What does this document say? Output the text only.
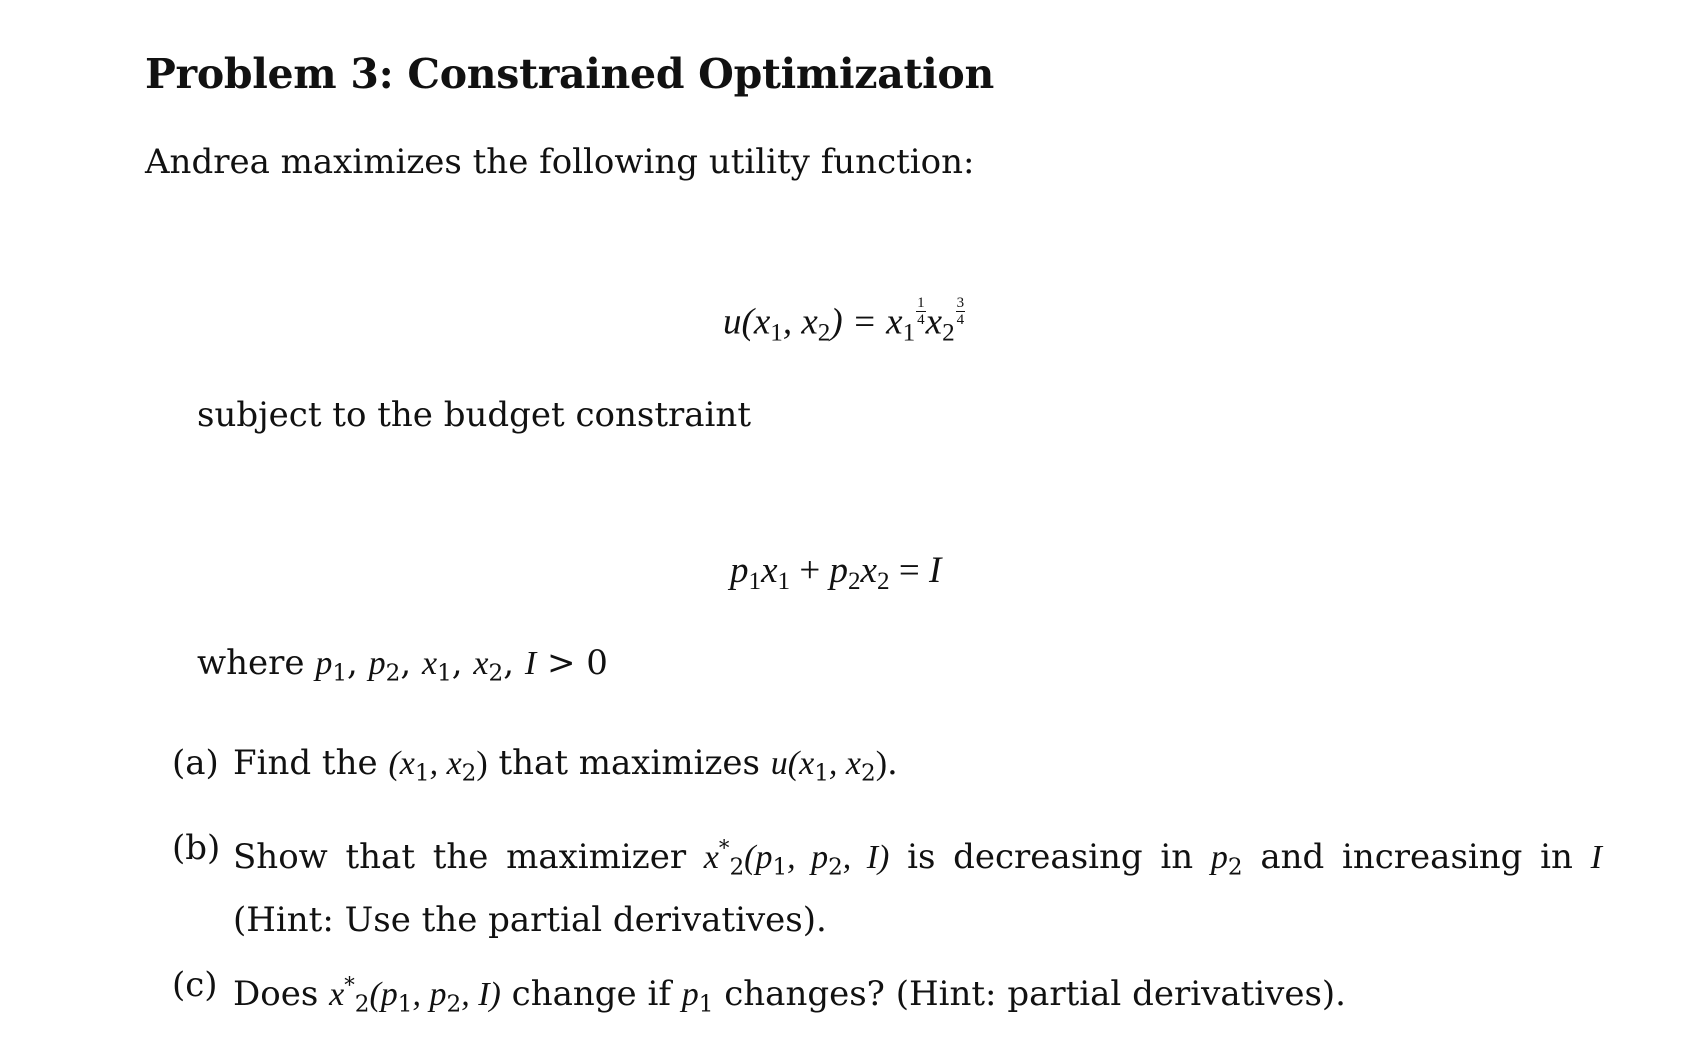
Problem 3: Constrained Optimization

Andrea maximizes the following utility function:

$u(x_1$, $x_2) = x_1$
$\frac{1}{4} x_2$
$\frac{3}{4}$

subject to the budget constraint

$p_1x_1 + p_2x_2 = I$

where $p_1$, $p_2$, $x_1$, $x_2$, I > 0

(a) Find the ($x_1$, $x_2$) that maximizes $u(x_1$, $x_2$).
(b) Show that the maximizer $x^*_2(p_1$, $p_2$, I) is decreasing in $p_2$ and increasing in I (Hint: Use the partial derivatives).
(c) Does $x^*_2(p_1$, $p_2$, I) change if $p_1$ changes? (Hint: partial derivatives).
